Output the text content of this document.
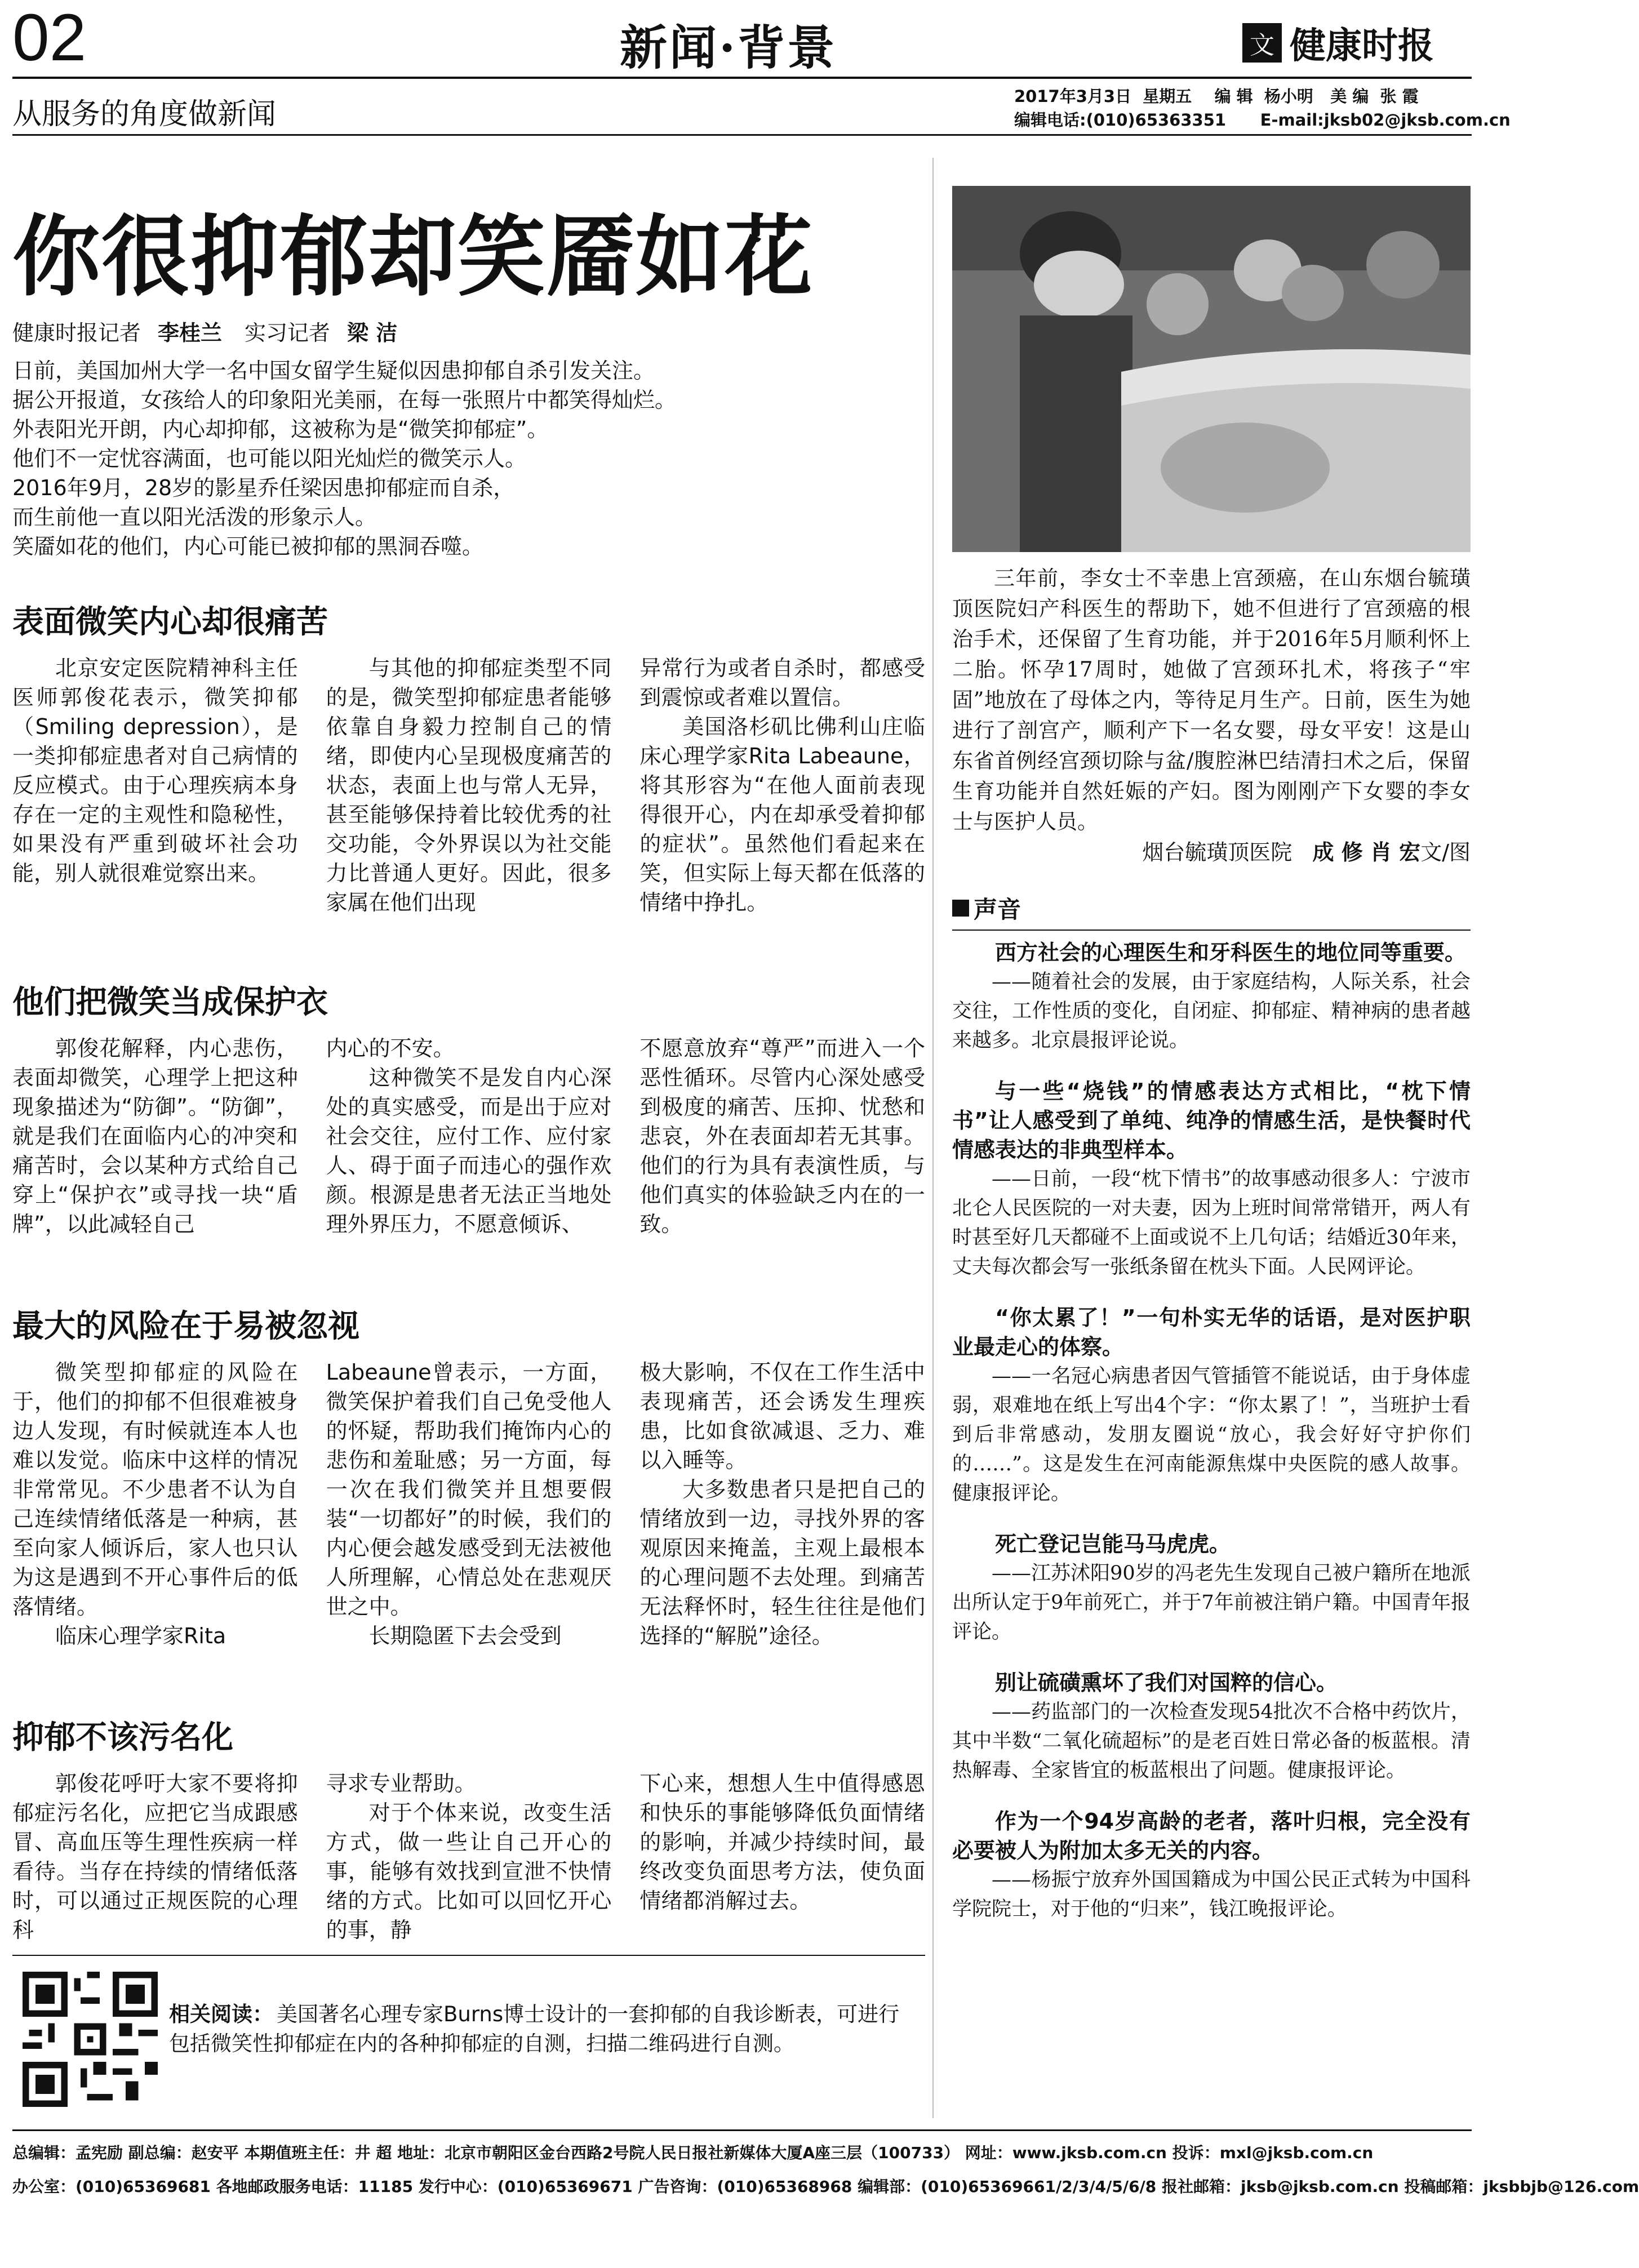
02	新闻·背景	文 健康时报
从服务的角度做新闻
2017年3月3日  星期五    编 辑  杨小明   美 编  张 霞
编辑电话:(010)65363351      E-mail:jksb02@jksb.com.cn
你很抑郁却笑靥如花
健康时报记者 李桂兰 实习记者 梁 洁
日前，美国加州大学一名中国女留学生疑似因患抑郁自杀引发关注。
据公开报道，女孩给人的印象阳光美丽，在每一张照片中都笑得灿烂。
外表阳光开朗，内心却抑郁，这被称为是“微笑抑郁症”。
他们不一定忧容满面，也可能以阳光灿烂的微笑示人。
2016年9月，28岁的影星乔任梁因患抑郁症而自杀，
而生前他一直以阳光活泼的形象示人。
笑靥如花的他们，内心可能已被抑郁的黑洞吞噬。
表面微笑内心却很痛苦

北京安定医院精神科主任医师郭俊花表示，微笑抑郁（Smiling depression），是一类抑郁症患者对自己病情的反应模式。由于心理疾病本身存在一定的主观性和隐秘性，如果没有严重到破坏社会功能，别人就很难觉察出来。

与其他的抑郁症类型不同的是，微笑型抑郁症患者能够依靠自身毅力控制自己的情绪，即使内心呈现极度痛苦的状态，表面上也与常人无异，甚至能够保持着比较优秀的社交功能，令外界误以为社交能力比普通人更好。因此，很多家属在他们出现

异常行为或者自杀时，都感受到震惊或者难以置信。

美国洛杉矶比佛利山庄临床心理学家Rita Labeaune，将其形容为“在他人面前表现得很开心，内在却承受着抑郁的症状”。虽然他们看起来在笑，但实际上每天都在低落的情绪中挣扎。

他们把微笑当成保护衣

郭俊花解释，内心悲伤，表面却微笑，心理学上把这种现象描述为“防御”。“防御”，就是我们在面临内心的冲突和痛苦时，会以某种方式给自己穿上“保护衣”或寻找一块“盾牌”，以此减轻自己

内心的不安。

这种微笑不是发自内心深处的真实感受，而是出于应对社会交往，应付工作、应付家人、碍于面子而违心的强作欢颜。根源是患者无法正当地处理外界压力，不愿意倾诉、

不愿意放弃“尊严”而进入一个恶性循环。尽管内心深处感受到极度的痛苦、压抑、忧愁和悲哀，外在表面却若无其事。他们的行为具有表演性质，与他们真实的体验缺乏内在的一致。

最大的风险在于易被忽视

微笑型抑郁症的风险在于，他们的抑郁不但很难被身边人发现，有时候就连本人也难以发觉。临床中这样的情况非常常见。不少患者不认为自己连续情绪低落是一种病，甚至向家人倾诉后，家人也只认为这是遇到不开心事件后的低落情绪。

临床心理学家Rita

Labeaune曾表示，一方面，微笑保护着我们自己免受他人的怀疑，帮助我们掩饰内心的悲伤和羞耻感；另一方面，每一次在我们微笑并且想要假装“一切都好”的时候，我们的内心便会越发感受到无法被他人所理解，心情总处在悲观厌世之中。

长期隐匿下去会受到

极大影响，不仅在工作生活中表现痛苦，还会诱发生理疾患，比如食欲减退、乏力、难以入睡等。

大多数患者只是把自己的情绪放到一边，寻找外界的客观原因来掩盖，主观上最根本的心理问题不去处理。到痛苦无法释怀时，轻生往往是他们选择的“解脱”途径。

抑郁不该污名化

郭俊花呼吁大家不要将抑郁症污名化，应把它当成跟感冒、高血压等生理性疾病一样看待。当存在持续的情绪低落时，可以通过正规医院的心理科

寻求专业帮助。

对于个体来说，改变生活方式，做一些让自己开心的事，能够有效找到宣泄不快情绪的方式。比如可以回忆开心的事，静

下心来，想想人生中值得感恩和快乐的事能够降低负面情绪的影响，并减少持续时间，最终改变负面思考方法，使负面情绪都消解过去。

相关阅读： 美国著名心理专家Burns博士设计的一套抑郁的自我诊断表，可进行包括微笑性抑郁症在内的各种抑郁症的自测，扫描二维码进行自测。

三年前，李女士不幸患上宫颈癌，在山东烟台毓璜顶医院妇产科医生的帮助下，她不但进行了宫颈癌的根治手术，还保留了生育功能，并于2016年5月顺利怀上二胎。怀孕17周时，她做了宫颈环扎术，将孩子“牢固”地放在了母体之内，等待足月生产。日前，医生为她进行了剖宫产，顺利产下一名女婴，母女平安！这是山东省首例经宫颈切除与盆/腹腔淋巴结清扫术之后，保留生育功能并自然妊娠的产妇。图为刚刚产下女婴的李女士与医护人员。

烟台毓璜顶医院 成 修 肖 宏文/图
声音
西方社会的心理医生和牙科医生的地位同等重要。
——随着社会的发展，由于家庭结构，人际关系，社会交往，工作性质的变化，自闭症、抑郁症、精神病的患者越来越多。北京晨报评论说。
与一些“烧钱”的情感表达方式相比，“枕下情书”让人感受到了单纯、纯净的情感生活，是快餐时代情感表达的非典型样本。
——日前，一段“枕下情书”的故事感动很多人：宁波市北仑人民医院的一对夫妻，因为上班时间常常错开，两人有时甚至好几天都碰不上面或说不上几句话；结婚近30年来，丈夫每次都会写一张纸条留在枕头下面。人民网评论。
“你太累了！”一句朴实无华的话语，是对医护职业最走心的体察。
——一名冠心病患者因气管插管不能说话，由于身体虚弱，艰难地在纸上写出4个字：“你太累了！”，当班护士看到后非常感动，发朋友圈说“放心，我会好好守护你们的……”。这是发生在河南能源焦煤中央医院的感人故事。健康报评论。
死亡登记岂能马马虎虎。
——江苏沭阳90岁的冯老先生发现自己被户籍所在地派出所认定于9年前死亡，并于7年前被注销户籍。中国青年报评论。
别让硫磺熏坏了我们对国粹的信心。
——药监部门的一次检查发现54批次不合格中药饮片，其中半数“二氧化硫超标”的是老百姓日常必备的板蓝根。清热解毒、全家皆宜的板蓝根出了问题。健康报评论。
作为一个94岁高龄的老者，落叶归根，完全没有必要被人为附加太多无关的内容。
——杨振宁放弃外国国籍成为中国公民正式转为中国科学院院士，对于他的“归来”，钱江晚报评论。
总编辑：孟宪励 副总编：赵安平 本期值班主任：井 超 地址：北京市朝阳区金台西路2号院人民日报社新媒体大厦A座三层（100733） 网址：www.jksb.com.cn 投诉：mxl@jksb.com.cn
办公室：(010)65369681 各地邮政服务电话：11185 发行中心：(010)65369671 广告咨询：(010)65368968 编辑部：(010)65369661/2/3/4/5/6/8 报社邮箱：jksb@jksb.com.cn 投稿邮箱：jksbbjb@126.com
